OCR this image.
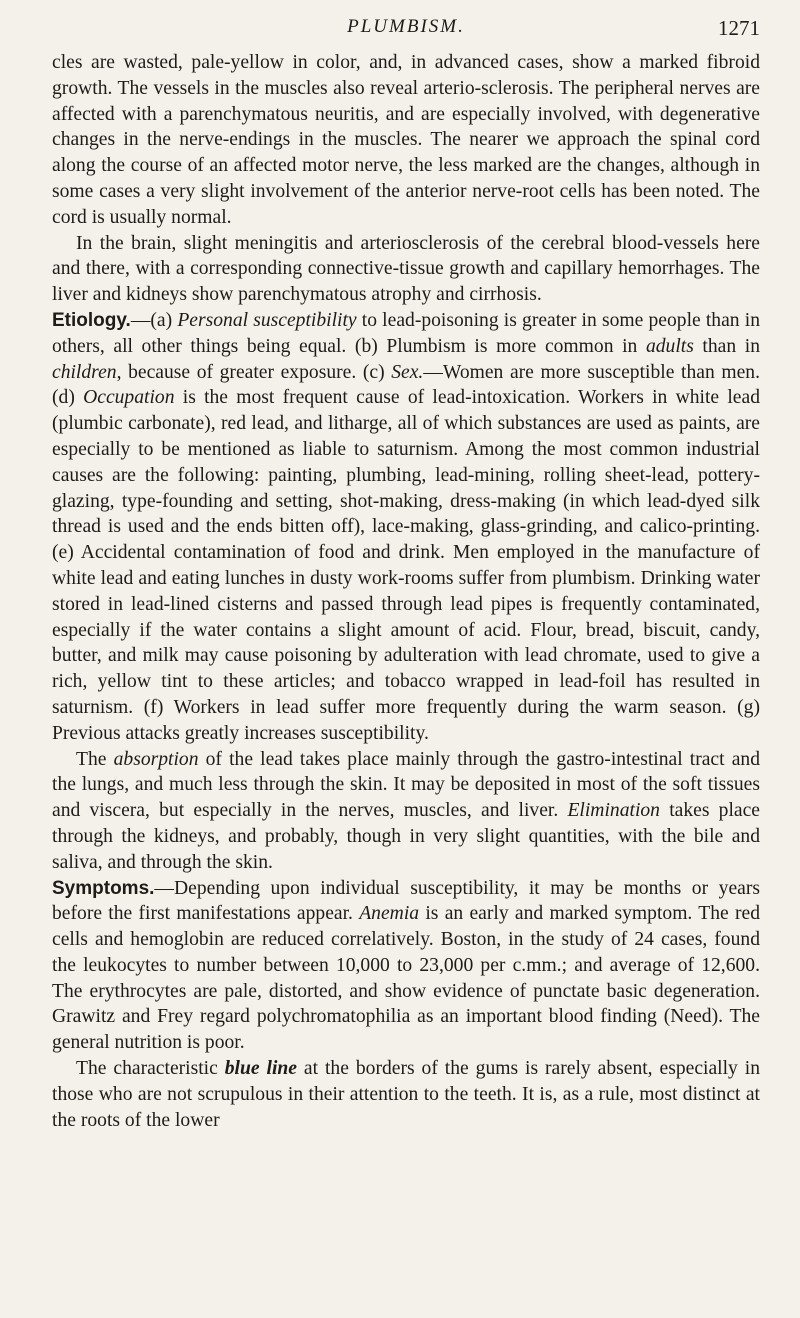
PLUMBISM.	1271

cles are wasted, pale-yellow in color, and, in advanced cases, show a marked fibroid growth. The vessels in the muscles also reveal arterio-sclerosis. The peripheral nerves are affected with a parenchymatous neuritis, and are especially involved, with degenerative changes in the nerve-endings in the muscles. The nearer we approach the spinal cord along the course of an affected motor nerve, the less marked are the changes, although in some cases a very slight involvement of the anterior nerve-root cells has been noted. The cord is usually normal.

In the brain, slight meningitis and arteriosclerosis of the cerebral blood-vessels here and there, with a corresponding connective-tissue growth and capillary hemorrhages. The liver and kidneys show parenchymatous atrophy and cirrhosis.

Etiology.—(a) Personal susceptibility to lead-poisoning is greater in some people than in others, all other things being equal. (b) Plumbism is more common in adults than in children, because of greater exposure. (c) Sex.—Women are more susceptible than men. (d) Occupation is the most frequent cause of lead-intoxication. Workers in white lead (plumbic carbonate), red lead, and litharge, all of which substances are used as paints, are especially to be mentioned as liable to saturnism. Among the most common industrial causes are the following: painting, plumbing, lead-mining, rolling sheet-lead, pottery-glazing, type-founding and setting, shot-making, dress-making (in which lead-dyed silk thread is used and the ends bitten off), lace-making, glass-grinding, and calico-printing. (e) Accidental contamination of food and drink. Men employed in the manufacture of white lead and eating lunches in dusty work-rooms suffer from plumbism. Drinking water stored in lead-lined cisterns and passed through lead pipes is frequently contaminated, especially if the water contains a slight amount of acid. Flour, bread, biscuit, candy, butter, and milk may cause poisoning by adulteration with lead chromate, used to give a rich, yellow tint to these articles; and tobacco wrapped in lead-foil has resulted in saturnism. (f) Workers in lead suffer more frequently during the warm season. (g) Previous attacks greatly increases susceptibility.

The absorption of the lead takes place mainly through the gastro-intestinal tract and the lungs, and much less through the skin. It may be deposited in most of the soft tissues and viscera, but especially in the nerves, muscles, and liver. Elimination takes place through the kidneys, and probably, though in very slight quantities, with the bile and saliva, and through the skin.

Symptoms.—Depending upon individual susceptibility, it may be months or years before the first manifestations appear. Anemia is an early and marked symptom. The red cells and hemoglobin are reduced correlatively. Boston, in the study of 24 cases, found the leukocytes to number between 10,000 to 23,000 per c.mm.; and average of 12,600. The erythrocytes are pale, distorted, and show evidence of punctate basic degeneration. Grawitz and Frey regard polychromatophilia as an important blood finding (Need). The general nutrition is poor.

The characteristic blue line at the borders of the gums is rarely absent, especially in those who are not scrupulous in their attention to the teeth. It is, as a rule, most distinct at the roots of the lower
